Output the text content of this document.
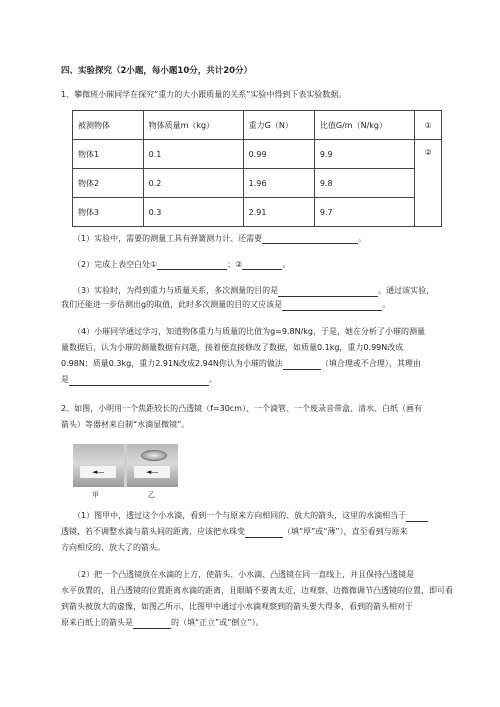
四、实验探究（2小题，每小题10分，共计20分）
1、攀微班小璀同学在探究“重力的大小跟质量的关系”实验中得到下表实验数据。
被测物体	物体质量m（kg）	重力G（N）	比值G/m（N/kg）	①
物体1	0.1	0.99	9.9	②
物体2	0.2	1.96	9.8	
物体3	0.3	2.91	9.7	
（1）实验中，需要的测量工具有弹簧测力计、还需要	。
（2）完成上表空白处①	；②	。
（3）实验时，为得到重力与质量关系，多次测量的目的是	。通过该实验，
我们还能进一步估测出g的取值，此时多次测量的目的又应该是	。
（4）小璀同学通过学习，知道物体重力与质量的比值为g=9.8N/kg，于是，她在分析了小璀的测量
量数据后，认为小璀的测量数据有问题，接着便直接修改了数据，如质量0.1kg，重力0.99N改成
0.98N；质量0.3kg，重力2.91N改成2.94N你认为小璀的做法	（填合理或不合理），其理由
是	。
2、如图，小明用一个焦距较长的凸透镜（f=30cm）、一个滴管、一个废录音带盒、清水、白纸（画有
箭头）等器材来自制“水滴显微镜”。
◄—	◄—
甲	乙
（1）图甲中，透过这个小水滴，看到一个与原来方向相同的、放大的箭头，这里的水滴相当于
透镜，若不调整水滴与箭头间的距离，应该把水珠变	（填“厚”或“薄”），直至看到与原来
方向相反的、放大了的箭头。
（2）把一个凸透镜放在水滴的上方，使箭头、小水滴、凸透镜在同一直线上，并且保持凸透镜是
水平放置的，且凸透镜的位置距离水滴的距离，且眼睛不要离太近，边观察、边微微调节凸透镜的位置，即可看
到箭头被放大的虚像，如图乙所示，比图甲中通过小水滴观察到的箭头要大得多，看到的箭头相对于
原来白纸上的箭头是	的（填“正立”或“倒立”）。
